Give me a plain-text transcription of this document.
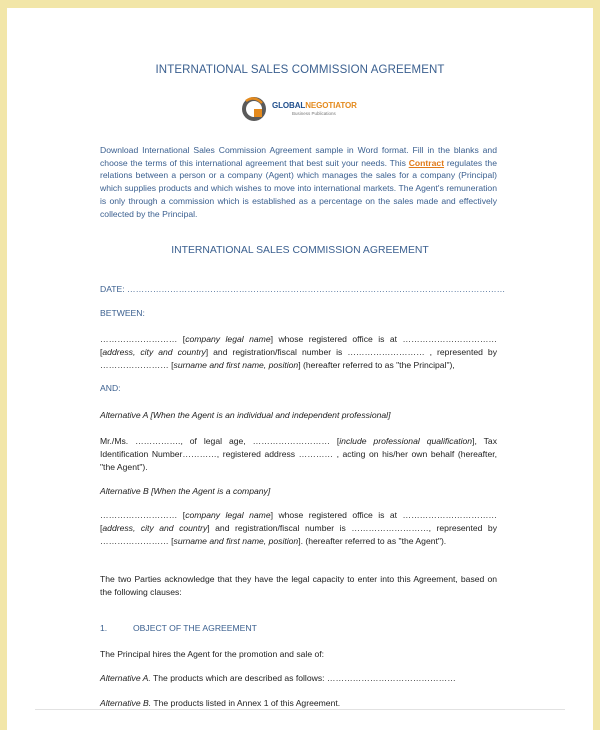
INTERNATIONAL SALES COMMISSION AGREEMENT
GLOBALNEGOTIATOR
Business Publications
Download International Sales Commission Agreement sample in Word format. Fill in the blanks and choose the terms of this international agreement that best suit your needs. This Contract regulates the relations between a person or a company (Agent) which manages the sales for a company (Principal) which supplies products and which wishes to move into international markets. The Agent's remuneration is only through a commission which is established as a percentage on the sales made and effectively collected by the Principal.
INTERNATIONAL SALES COMMISSION AGREEMENT
DATE: ……………………………………………………………………………………………………………………
BETWEEN:
……………………… [company legal name] whose registered office is at …………………………… [address, city and country] and registration/fiscal number is ……………………… , represented by …………………… [surname and first name, position] (hereafter referred to as "the Principal"),
AND:
Alternative A [When the Agent is an individual and independent professional]
Mr./Ms. ……………., of legal age, ……………………… [include professional qualification], Tax Identification Number…………, registered address ………… , acting on his/her own behalf (hereafter, "the Agent").
Alternative B [When the Agent is a company]
……………………… [company legal name] whose registered office is at …………………………… [address, city and country] and registration/fiscal number is ………………………, represented by …………………… [surname and first name, position]. (hereafter referred to as "the Agent").
The two Parties acknowledge that they have the legal capacity to enter into this Agreement, based on the following clauses:
1.	OBJECT OF THE AGREEMENT
The Principal hires the Agent for the promotion and sale of:
Alternative A. The products which are described as follows: ………………………………………
Alternative B. The products listed in Annex 1 of this Agreement.
